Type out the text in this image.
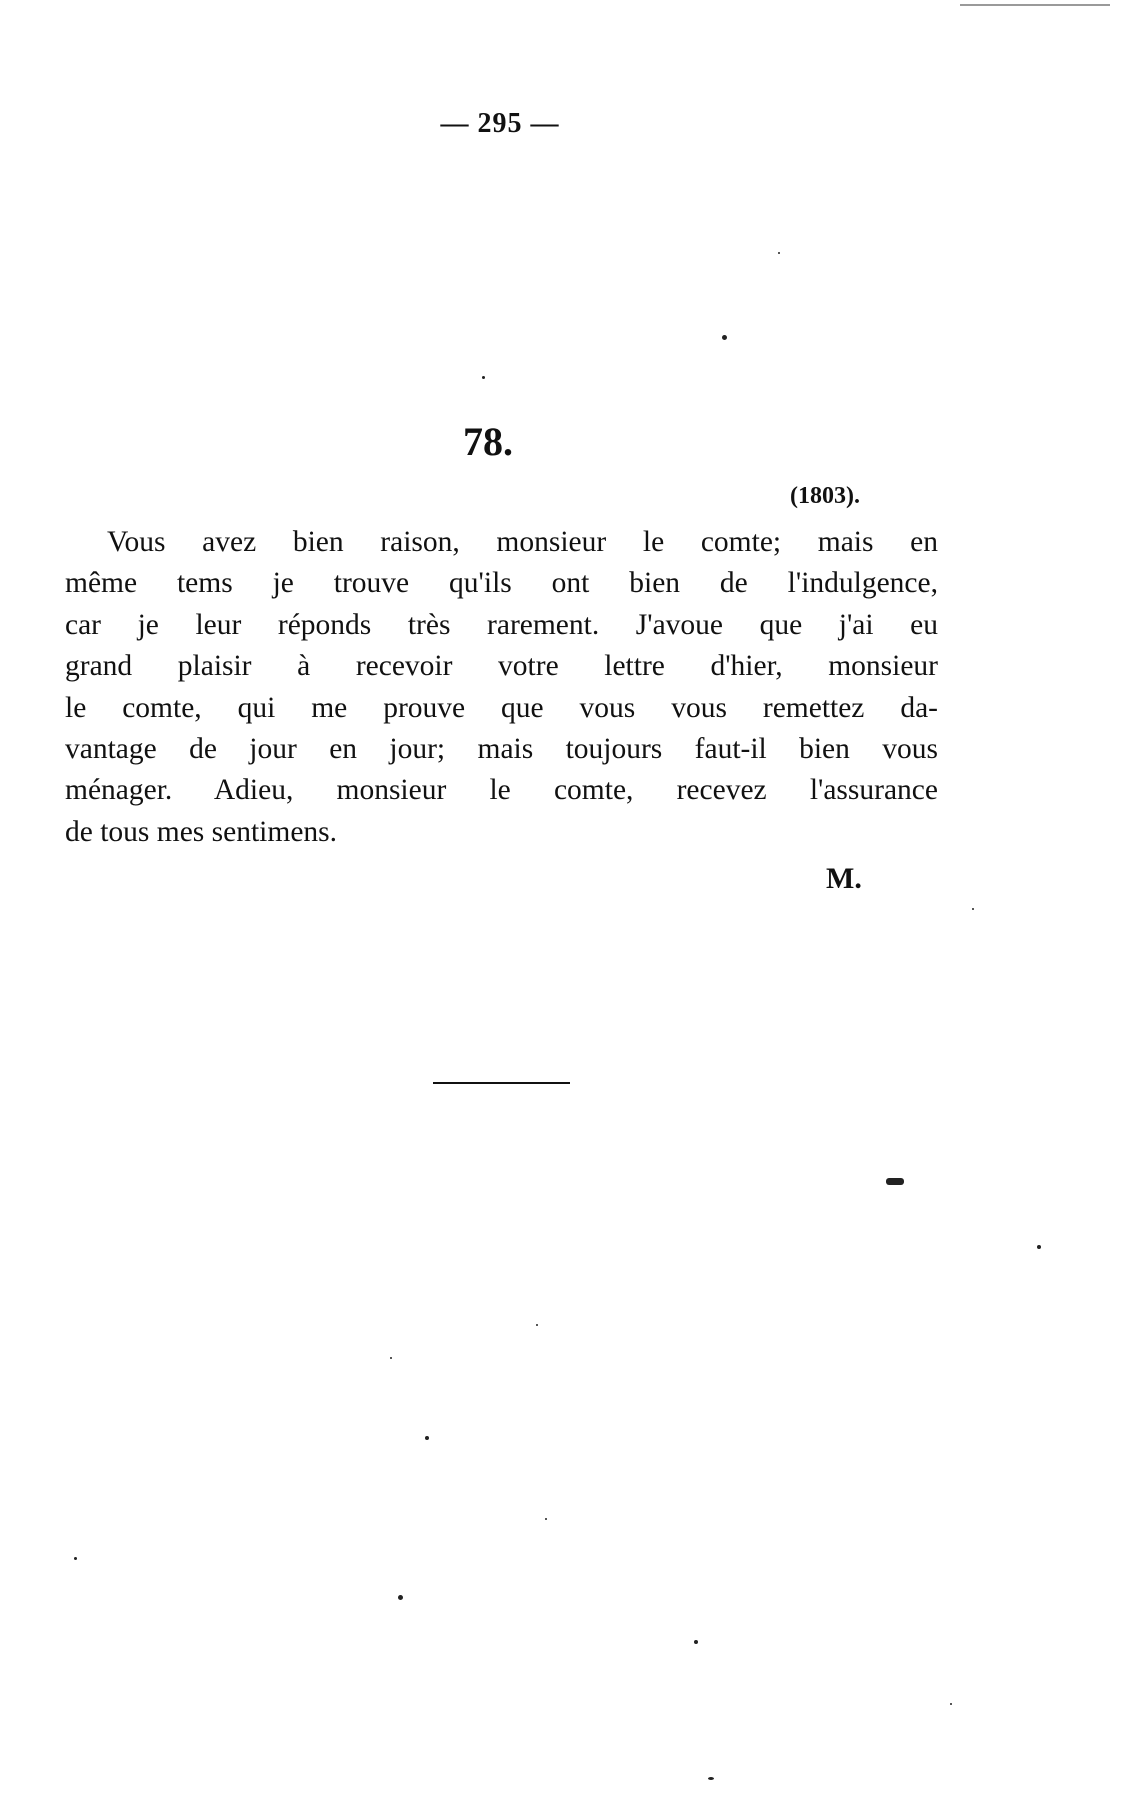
— 295 —
78.
(1803).
Vous avez bien raison, monsieur le comte; mais en
même tems je trouve qu'ils ont bien de l'indulgence,
car je leur réponds très rarement. J'avoue que j'ai eu
grand plaisir à recevoir votre lettre d'hier, monsieur
le comte, qui me prouve que vous vous remettez da-
vantage de jour en jour; mais toujours faut-il bien vous
ménager. Adieu, monsieur le comte, recevez l'assurance
de tous mes sentimens.
M.
